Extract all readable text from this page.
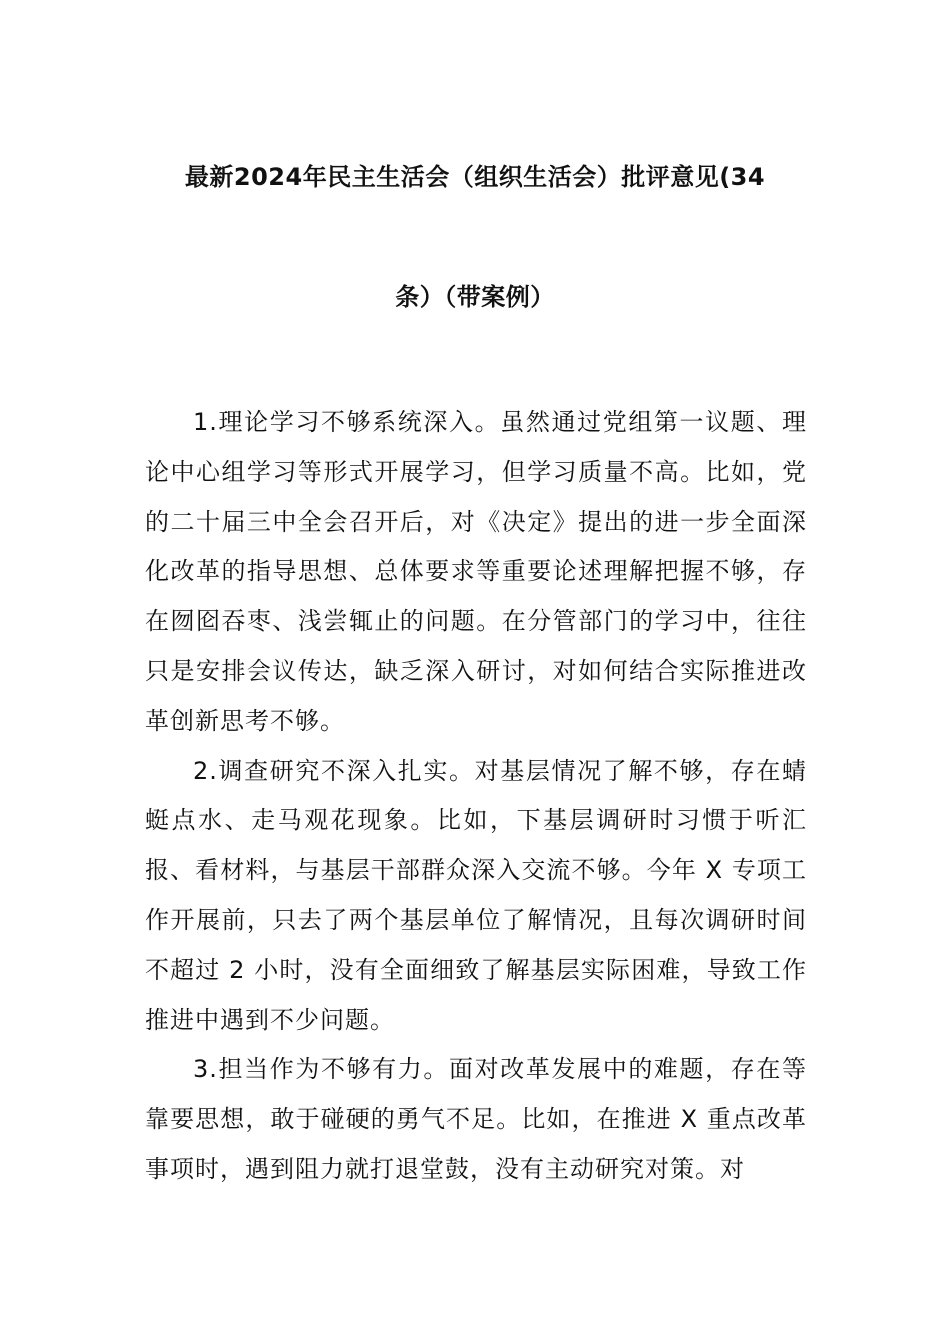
最新2024年民主生活会（组织生活会）批评意见(34
条）（带案例）

1.理论学习不够系统深入。虽然通过党组第一议题、理论中心组学习等形式开展学习，但学习质量不高。比如，党的二十届三中全会召开后，对《决定》提出的进一步全面深化改革的指导思想、总体要求等重要论述理解把握不够，存在囫囵吞枣、浅尝辄止的问题。在分管部门的学习中，往往只是安排会议传达，缺乏深入研讨，对如何结合实际推进改革创新思考不够。

2.调查研究不深入扎实。对基层情况了解不够，存在蜻蜓点水、走马观花现象。比如，下基层调研时习惯于听汇报、看材料，与基层干部群众深入交流不够。今年 X 专项工作开展前，只去了两个基层单位了解情况，且每次调研时间不超过 2 小时，没有全面细致了解基层实际困难，导致工作推进中遇到不少问题。

3.担当作为不够有力。面对改革发展中的难题，存在等靠要思想，敢于碰硬的勇气不足。比如，在推进 X 重点改革事项时，遇到阻力就打退堂鼓，没有主动研究对策。对
